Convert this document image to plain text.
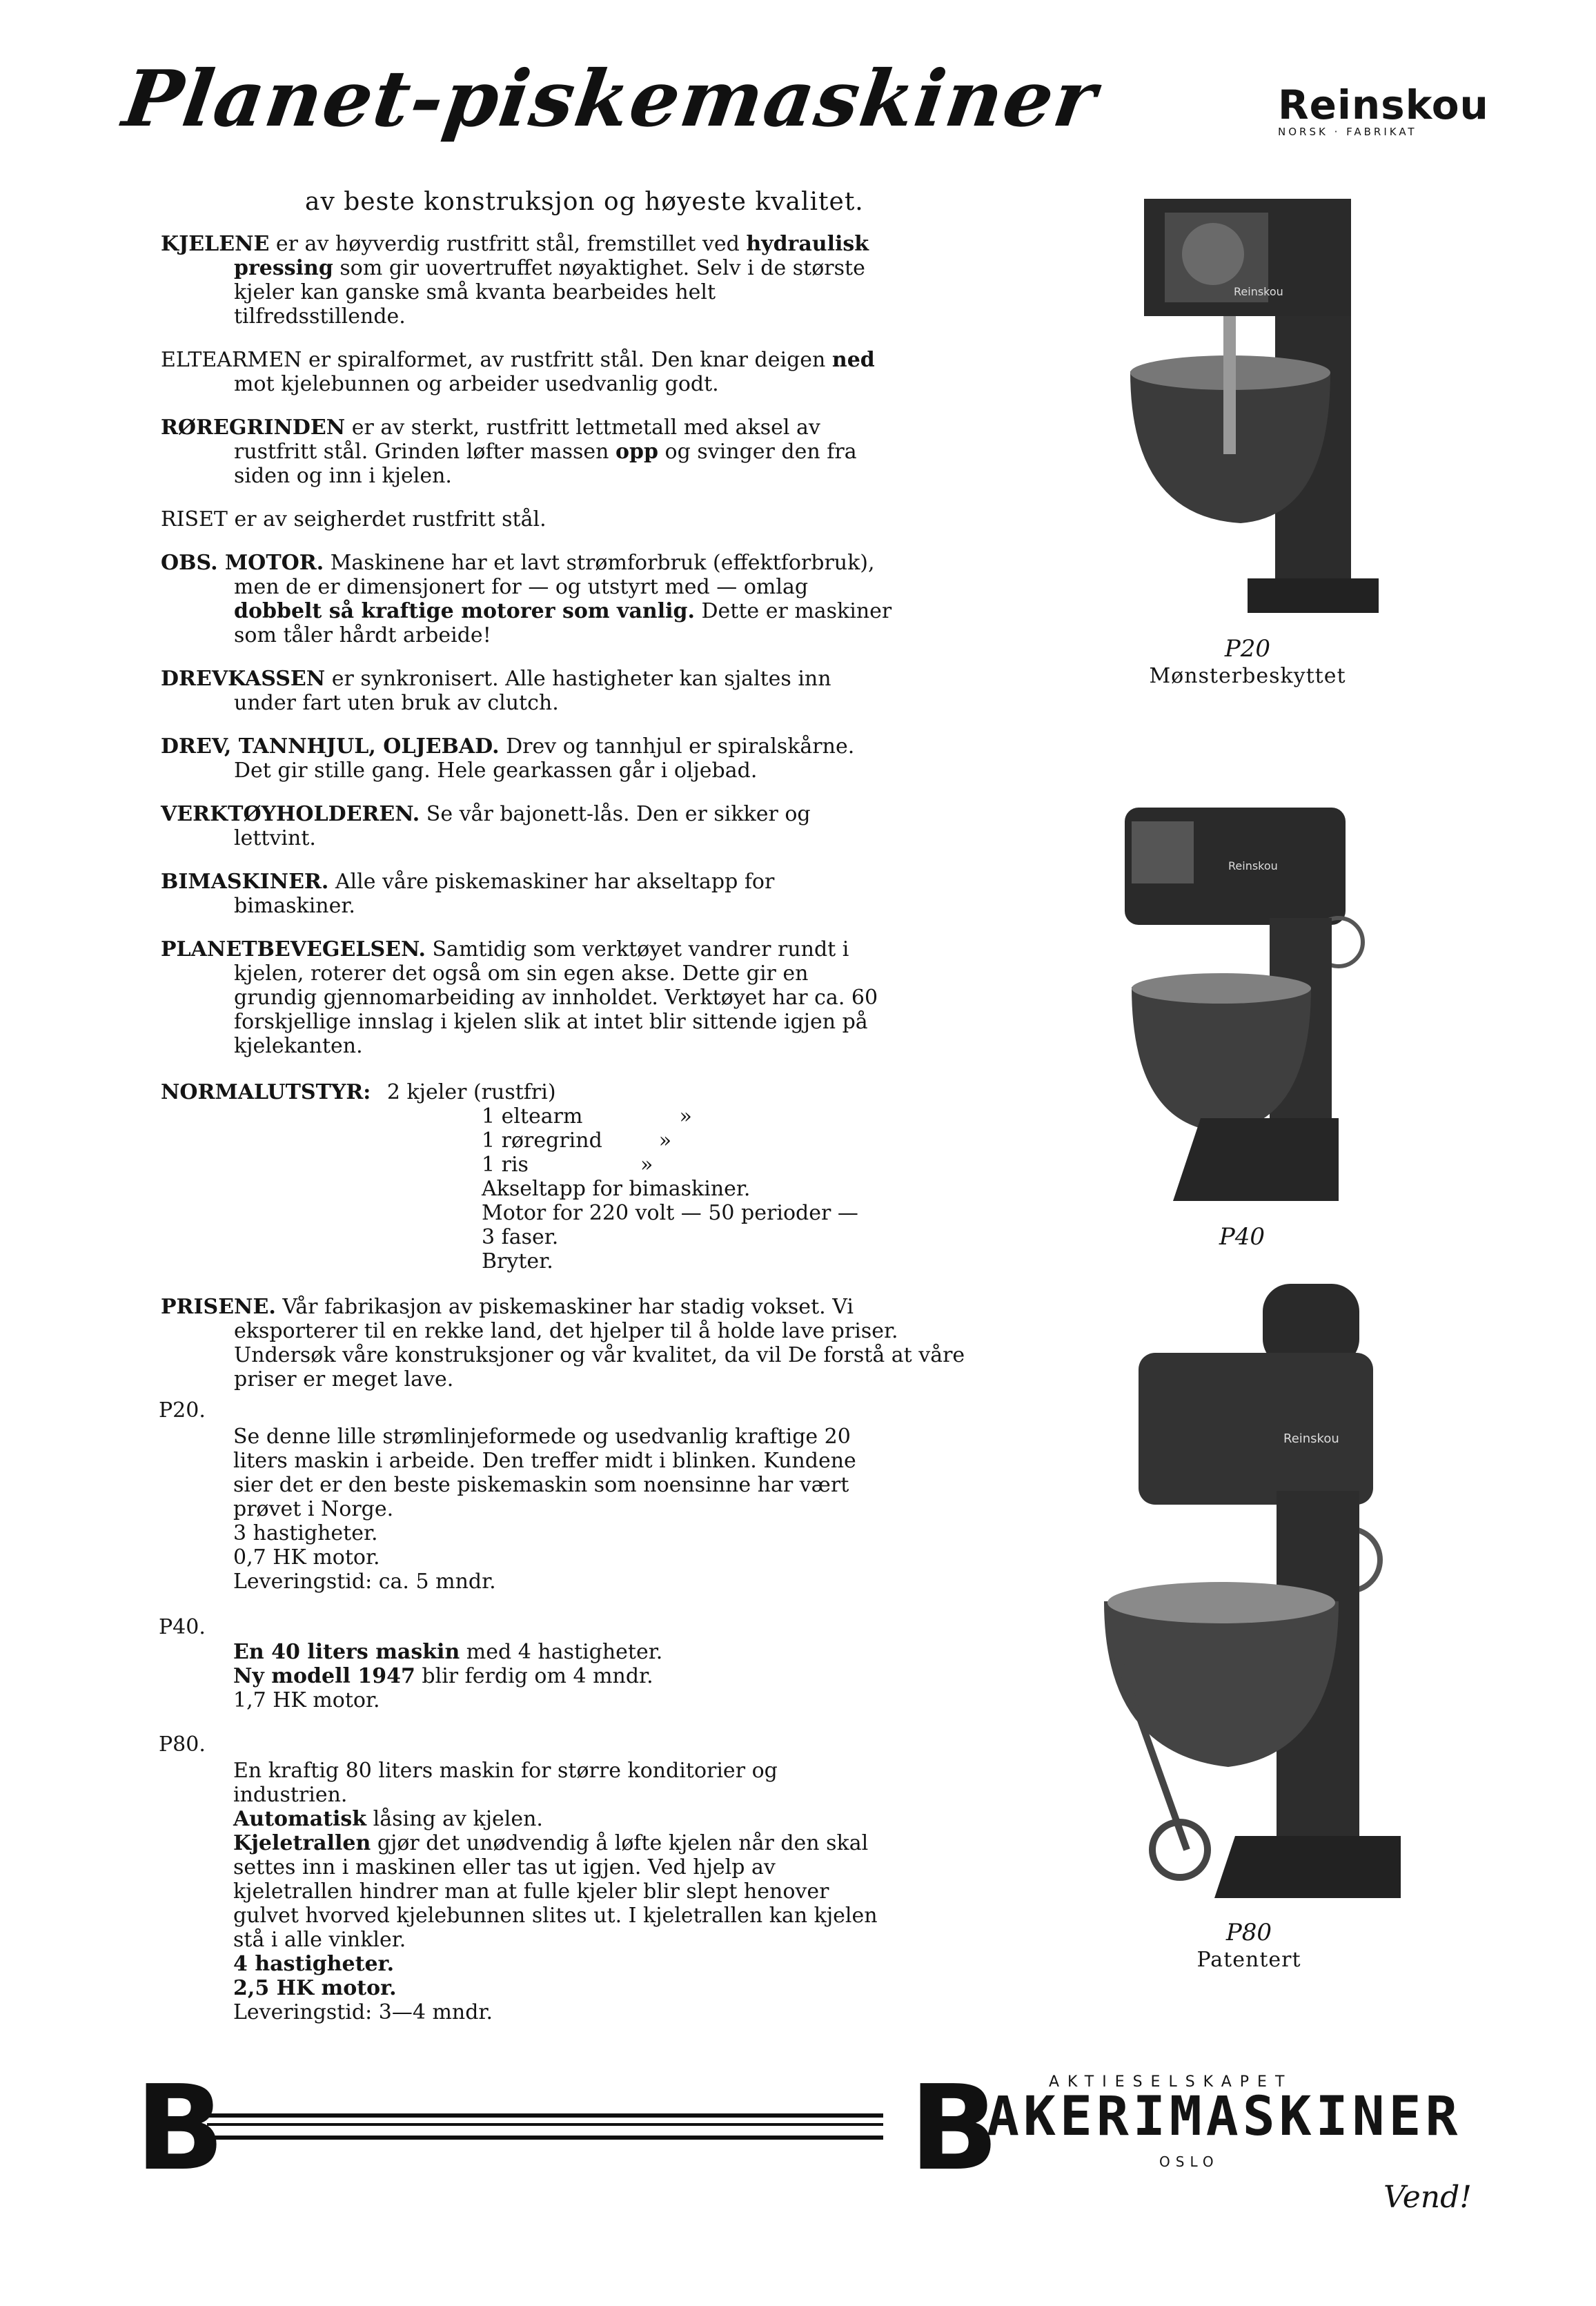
Planet-piskemaskiner	Reinskou
NORSK · FABRIKAT
av beste konstruksjon og høyeste kvalitet.

KJELENE er av høyverdig rustfritt stål, fremstillet ved hydraulisk pressing som gir uovertruffet nøyaktighet. Selv i de største kjeler kan ganske små kvanta bearbeides helt tilfredsstillende.

ELTEARMEN er spiralformet, av rustfritt stål. Den knar deigen ned mot kjelebunnen og arbeider usedvanlig godt.

RØREGRINDEN er av sterkt, rustfritt lettmetall med aksel av rustfritt stål. Grinden løfter massen opp og svinger den fra siden og inn i kjelen.

RISET er av seigherdet rustfritt stål.

OBS. MOTOR. Maskinene har et lavt strømforbruk (effektforbruk), men de er dimensjonert for — og utstyrt med — omlag dobbelt så kraftige motorer som vanlig. Dette er maskiner som tåler hårdt arbeide!

DREVKASSEN er synkronisert. Alle hastigheter kan sjaltes inn under fart uten bruk av clutch.

DREV, TANNHJUL, OLJEBAD. Drev og tannhjul er spiralskårne. Det gir stille gang. Hele gearkassen går i oljebad.

VERKTØYHOLDEREN. Se vår bajonett-lås. Den er sikker og lettvint.

BIMASKINER. Alle våre piskemaskiner har akseltapp for bimaskiner.

PLANETBEVEGELSEN. Samtidig som verktøyet vandrer rundt i kjelen, roterer det også om sin egen akse. Dette gir en grundig gjennomarbeiding av innholdet. Verktøyet har ca. 60 forskjellige innslag i kjelen slik at intet blir sittende igjen på kjelekanten.

NORMALUTSTYR: 2 kjeler (rustfri)
1 eltearm	»
1 røregrind	»
1 ris	»
Akseltapp for bimaskiner.
Motor for 220 volt — 50 perioder —
3 faser.
Bryter.
PRISENE. Vår fabrikasjon av piskemaskiner har stadig vokset. Vi eksporterer til en rekke land, det hjelper til å holde lave priser. Undersøk våre konstruksjoner og vår kvalitet, da vil De forstå at våre priser er meget lave.
P20.
Se denne lille strømlinjeformede og usedvanlig kraftige 20 liters maskin i arbeide. Den treffer midt i blinken. Kundene sier det er den beste piskemaskin som noensinne har vært prøvet i Norge.
3 hastigheter.
0,7 HK motor.
Leveringstid: ca. 5 mndr.
P40.
En 40 liters maskin med 4 hastigheter.
Ny modell 1947 blir ferdig om 4 mndr.
1,7 HK motor.
P80.
En kraftig 80 liters maskin for større konditorier og industrien.
Automatisk låsing av kjelen.
Kjeletrallen gjør det unødvendig å løfte kjelen når den skal settes inn i maskinen eller tas ut igjen. Ved hjelp av kjeletrallen hindrer man at fulle kjeler blir slept henover gulvet hvorved kjelebunnen slites ut. I kjeletrallen kan kjelen stå i alle vinkler.
4 hastigheter.
2,5 HK motor.
Leveringstid: 3—4 mndr.
Reinskou
P20
Mønsterbeskyttet
Reinskou
P40
Reinskou
P80
Patentert
B	B	AKTIESELSKAPET
AKERIMASKINER
OSLO
Vend!
